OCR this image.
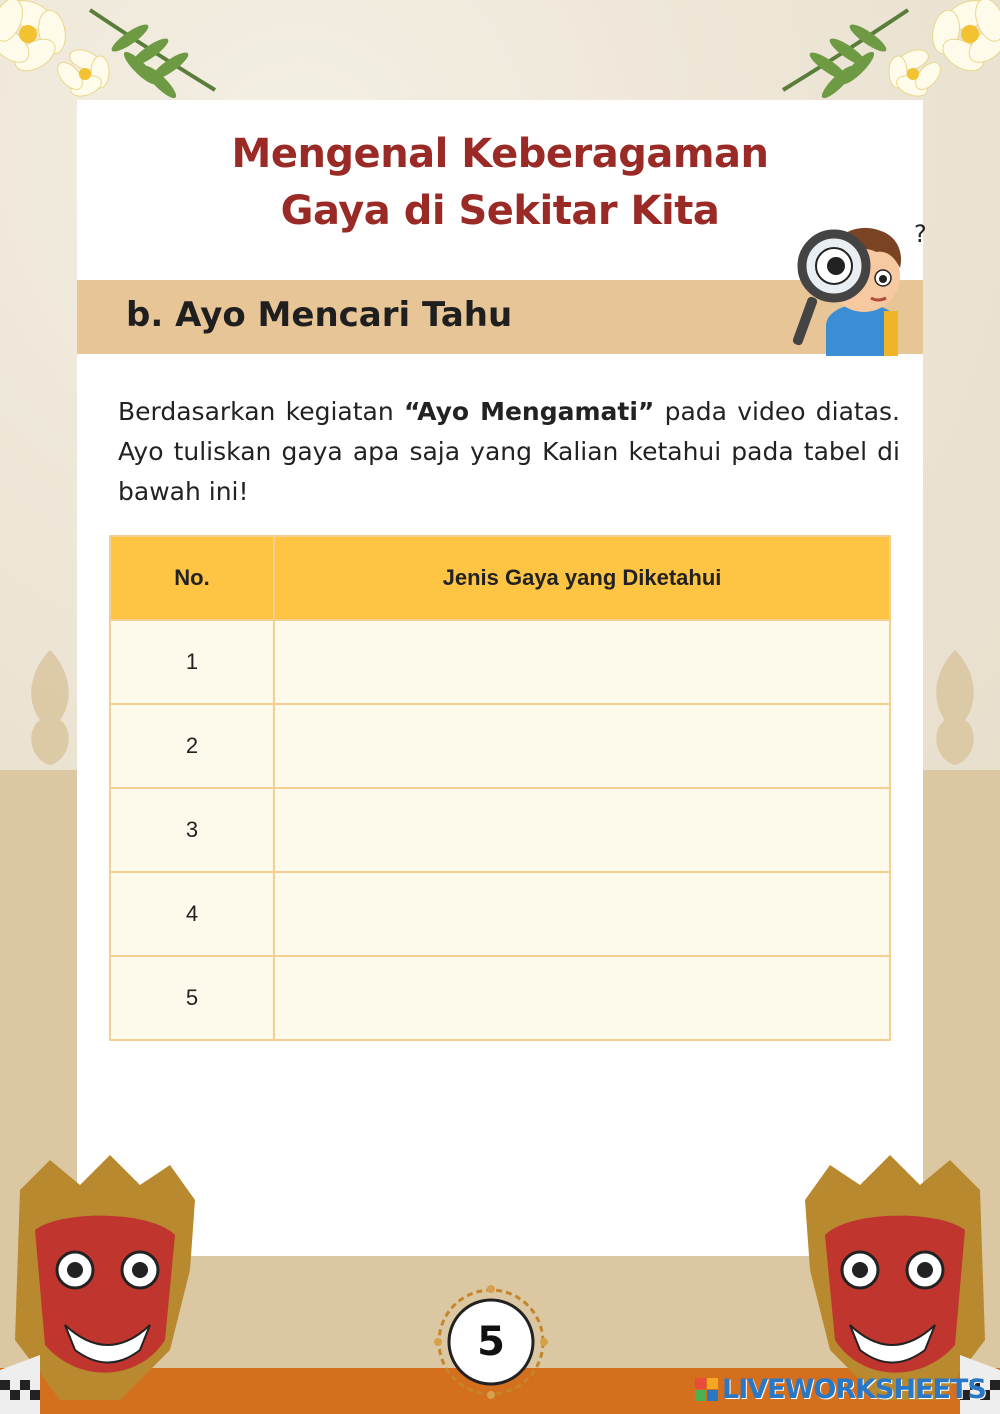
Mengenal Keberagaman
Gaya di Sekitar Kita
b. Ayo Mencari Tahu
?
Berdasarkan kegiatan “Ayo Mengamati” pada video diatas. Ayo tuliskan gaya apa saja yang Kalian ketahui pada tabel di bawah ini!
No.	Jenis Gaya yang Diketahui
1	
2	
3	
4	
5	
5
LIVEWORKSHEETS
